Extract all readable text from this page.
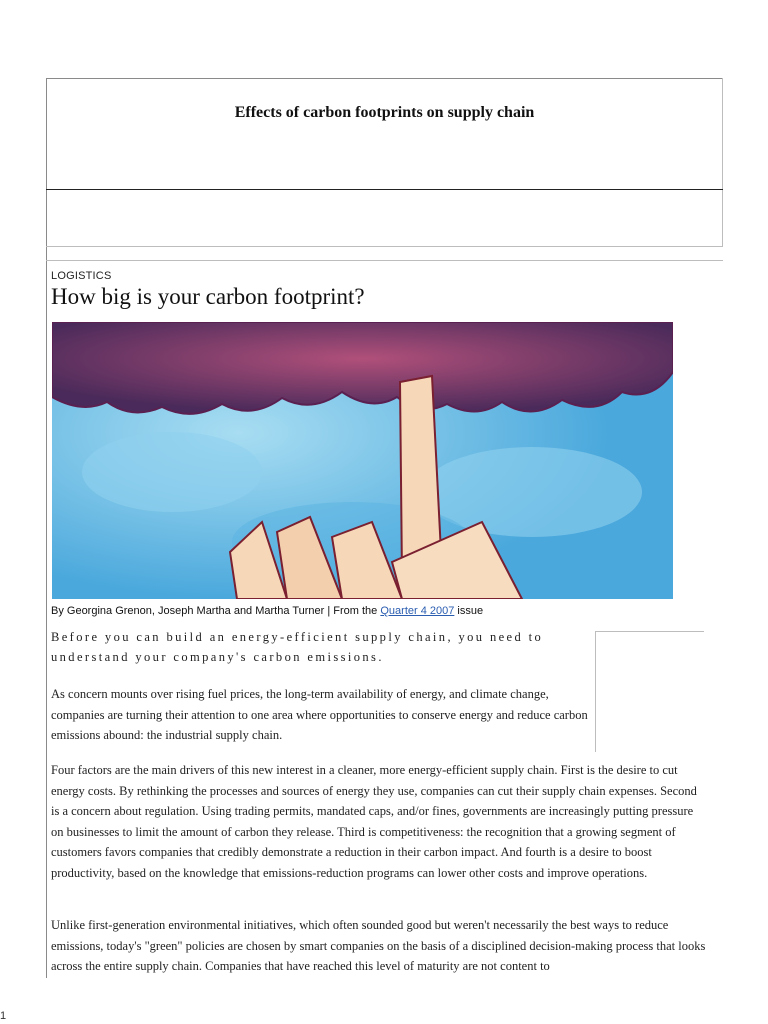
Effects of carbon footprints on supply chain
LOGISTICS
How big is your carbon footprint?
By Georgina Grenon, Joseph Martha and Martha Turner | From the Quarter 4 2007 issue
Before you can build an energy-efficient supply chain, you need to understand your company's carbon emissions.
As concern mounts over rising fuel prices, the long-term availability of energy, and climate change, companies are turning their attention to one area where opportunities to conserve energy and reduce carbon emissions abound: the industrial supply chain.
Four factors are the main drivers of this new interest in a cleaner, more energy-efficient supply chain. First is the desire to cut energy costs. By rethinking the processes and sources of energy they use, companies can cut their supply chain expenses. Second is a concern about regulation. Using trading permits, mandated caps, and/or fines, governments are increasingly putting pressure on businesses to limit the amount of carbon they release. Third is competitiveness: the recognition that a growing segment of customers favors companies that credibly demonstrate a reduction in their carbon impact. And fourth is a desire to boost productivity, based on the knowledge that emissions-reduction programs can lower other costs and improve operations.
Unlike first-generation environmental initiatives, which often sounded good but weren't necessarily the best ways to reduce emissions, today's "green" policies are chosen by smart companies on the basis of a disciplined decision-making process that looks across the entire supply chain. Companies that have reached this level of maturity are not content to
1
